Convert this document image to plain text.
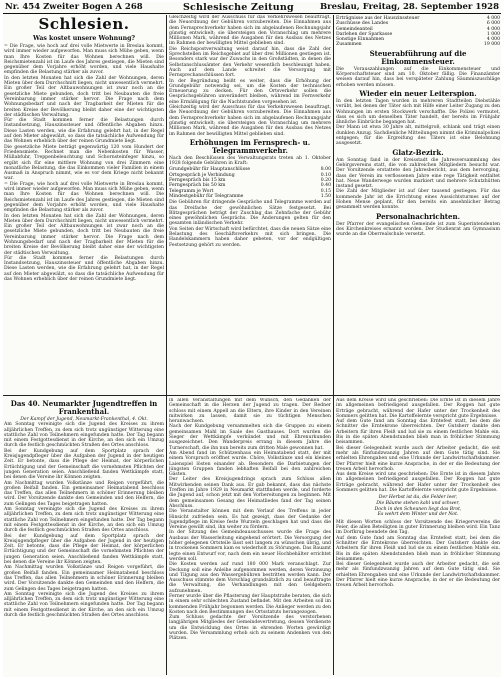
Nr. 454 Zweiter Bogen A 268	Schlesische Zeitung	Breslau, Freitag, 28. September 1928
Schlesien.
Was kostet unsere Wohnung?

= Die Frage, wie hoch auf drei volle Mietwerte in Breslau kommt, wird immer wieder aufgeworfen. Man muss sich Mühe geben, wenn man Ihre Kosten für das Wohnen berechnen will. Die Reichsmietenzahl ist im Laufe des Jahres gestiegen, die Mieten sind gegenüber dem Vorjahre erhöht worden, und viele Haushalte empfinden die Belastung stärker als zuvor.

In den letzten Monaten hat sich die Zahl der Wohnungen, deren Mieten über dem Durchschnitt liegen, nicht unwesentlich vermehrt. Ein großer Teil der Altbauwohnungen ist zwar noch an die gesetzliche Miete gebunden, doch tritt bei Neubauten die freie Vereinbarung immer stärker hervor. Die Frage nach dem Wohnungsbedarf und nach der Tragbarkeit der Mieten für die breiten Kreise der Bevölkerung bleibt daher eine der wichtigsten der städtischen Verwaltung.

Für die Stadt kommen ferner die Belastungen durch Instandsetzung, Hauszinssteuer und öffentliche Abgaben hinzu. Diese Lasten werden, wie die Erfahrung gelehrt hat, in der Regel auf den Mieter abgewälzt, so dass die tatsächliche Aufwendung für das Wohnen erheblich über der reinen Grundmiete liegt.

Die gesetzliche Miete beträgt gegenwärtig 120 vom Hundert der Friedensmiete. Rechnet man die Nebenkosten für Wasser, Müllabfuhr, Treppenbeleuchtung und Schornsteinfeger hinzu, so ergibt sich für eine mittlere Wohnung von drei Zimmern eine monatliche Belastung, die das Einkommen vieler Familien in einem Ausmaß in Anspruch nimmt, wie es vor dem Kriege nicht bekannt war.

= Die Frage, wie hoch auf drei volle Mietwerte in Breslau kommt, wird immer wieder aufgeworfen. Man muss sich Mühe geben, wenn man Ihre Kosten für das Wohnen berechnen will. Die Reichsmietenzahl ist im Laufe des Jahres gestiegen, die Mieten sind gegenüber dem Vorjahre erhöht worden, und viele Haushalte empfinden die Belastung stärker als zuvor.

In den letzten Monaten hat sich die Zahl der Wohnungen, deren Mieten über dem Durchschnitt liegen, nicht unwesentlich vermehrt. Ein großer Teil der Altbauwohnungen ist zwar noch an die gesetzliche Miete gebunden, doch tritt bei Neubauten die freie Vereinbarung immer stärker hervor. Die Frage nach dem Wohnungsbedarf und nach der Tragbarkeit der Mieten für die breiten Kreise der Bevölkerung bleibt daher eine der wichtigsten der städtischen Verwaltung.

Für die Stadt kommen ferner die Belastungen durch Instandsetzung, Hauszinssteuer und öffentliche Abgaben hinzu. Diese Lasten werden, wie die Erfahrung gelehrt hat, in der Regel auf den Mieter abgewälzt, so dass die tatsächliche Aufwendung für das Wohnen erheblich über der reinen Grundmiete liegt.

Gleichzeitig wird der Ausschuss für das Verkehrswesen beauftragt, die Neuordnung der Gebühren vorzubereiten. Die Einnahmen aus dem Fernsprechverkehr haben sich im abgelaufenen Rechnungsjahr günstig entwickelt; sie übersteigen den Voranschlag um mehrere Millionen Mark, während die Ausgaben für den Ausbau des Netzes im Rahmen der bewilligten Mittel geblieben sind.

Die Reichspostverwaltung weist darauf hin, dass die Zahl der Sprechstellen im Reichsgebiet auf über drei Millionen gestiegen ist. Besonders stark war der Zuwachs in den Großstädten, in denen die Selbstanschlussämter den Verkehr wesentlich beschleunigt haben. Auch auf dem Lande schreitet die Versorgung mit Fernsprechanschlüssen fort.

In der Begründung heißt es weiter, dass die Erhöhung der Grundgebühr notwendig sei, um die Kosten der technischen Erneuerung zu decken. Für den Ortsverkehr sollen die Gesprächsgebühren unverändert bleiben, während im Fernverkehr eine Ermäßigung für die Nachtstunden vorgesehen ist.

Gleichzeitig wird der Ausschuss für das Verkehrswesen beauftragt, die Neuordnung der Gebühren vorzubereiten. Die Einnahmen aus dem Fernsprechverkehr haben sich im abgelaufenen Rechnungsjahr günstig entwickelt; sie übersteigen den Voranschlag um mehrere Millionen Mark, während die Ausgaben für den Ausbau des Netzes im Rahmen der bewilligten Mittel geblieben sind.

Erhöhungen im Fernsprech- u. Telegrammverkehr.

Nach den Beschlüssen des Verwaltungsrats treten ab 1. Oktober 1928 folgende Gebühren in Kraft:

Grundgebühr für Hauptanschlüsse	8.00
Ortsgespräch je Verbindung	0.10
Ferngespräch bis 15 km	0.20
Ferngespräch bis 50 km	0.40
Telegramm je Wort	0.15
Mindestgebühr für Telegramme	1.50

Die Gebühren für dringende Gespräche und Telegramme werden auf das Dreifache der gewöhnlichen Sätze festgesetzt. Bei Blitzgesprächen beträgt der Zuschlag das Zehnfache der Gebühr eines gewöhnlichen Gesprächs. Die Änderungen gelten für den gesamten inländischen Verkehr.

Von Seiten der Wirtschaft wird befürchtet, dass die neuen Sätze eine Belastung des Geschäftsverkehrs mit sich bringen. Die Handelskammern haben daher gebeten, vor der endgültigen Festsetzung gehört zu werden.

Erträgnisse aus der Hauszinssteuer	4 000
Zuschüsse des Landes	6 000
Gemeindeanteil	4 000
Darlehen der Sparkasse	1 000
Sonstige Einnahmen	4 000
Zusammen	19 000
Steuerabführung auf die Einkommensteuer.

Die Vorauszahlungen auf die Einkommensteuer und Körperschaftsteuer sind am 10. Oktober fällig. Die Finanzämter weisen darauf hin, dass bei verspäteter Zahlung Säumniszuschläge erhoben werden müssen.

Wieder ein neuer Leiterspion.

In den letzten Tagen wurden in mehreren Stadtteilen Diebstähle verübt, bei denen der Täter sich mit Hilfe einer Leiter Zugang zu den Wohnungen im ersten Stockwerk verschaffte. Die Polizei vermutet, dass es sich um denselben Täter handelt, der bereits im Frühjahr ähnliche Einbrüche begangen hat.

Der Mann ist etwa 30 Jahre alt, mittelgroß, schlank und trägt einen dunklen Anzug. Sachdienliche Mitteilungen nimmt die Kriminalpolizei entgegen; für die Ergreifung des Täters ist eine Belohnung ausgesetzt.

Glatz-Bezirk.

Am Sonntag fand in der Kreisstadt die Jahresversammlung des Gebirgsvereins statt, die von zahlreichen Mitgliedern besucht war. Der Vorsitzende erstattete den Jahresbericht, aus dem hervorging, dass der Verein im verflossenen Jahre eine rege Tätigkeit entfaltet hat. Neue Wanderwege wurden markiert und mehrere Schutzhütten instand gesetzt.

Die Zahl der Mitglieder ist auf über tausend gestiegen. Für das kommende Jahr ist die Errichtung eines Aussichtsturmes auf der Hohen Mense geplant, für den bereits ein ansehnlicher Betrag gesammelt werden konnte.

Personalnachrichten.

Der Pfarrer der evangelischen Gemeinde ist zum Superintendenten des Kirchenkreises ernannt worden. Der Studienrat am Gymnasium wurde an die Oberrealschule versetzt.

Das 40. Neumarkter Jugendtreffen in Frankenthal.

Der Kampf der Jugend, Neumarkt-Frankenthal, 4. Okt.

Am Sonntag vereinigte sich die Jugend des Kreises zu ihrem alljährlichen Treffen, zu dem sich trotz ungünstiger Witterung eine stattliche Zahl von Teilnehmern eingefunden hatte. Der Tag begann mit einem Festgottesdienst in der Kirche, an den sich ein Umzug durch die festlich geschmückten Straßen des Ortes anschloss.

Bei der Kundgebung auf dem Sportplatz sprach der Kreisjugendpfleger über die Aufgaben der Jugend in der heutigen Zeit. Er betonte, dass die Pflege der Heimat, der körperlichen Ertüchtigung und der Gemeinschaft die vornehmsten Pflichten der jungen Generation seien. Anschließend fanden Wettkämpfe statt, bei denen die Vereine ihr Können zeigten.

Am Nachmittag wurden Volkstänze und Reigen vorgeführt, die großen Beifall fanden. Ein gemeinsamer Heimatabend beschloss das Treffen, das allen Teilnehmern in schöner Erinnerung bleiben wird. Der Vorsitzende dankte den Gemeinden und den Helfern, die zum Gelingen des Tages beigetragen hatten.

Am Sonntag vereinigte sich die Jugend des Kreises zu ihrem alljährlichen Treffen, zu dem sich trotz ungünstiger Witterung eine stattliche Zahl von Teilnehmern eingefunden hatte. Der Tag begann mit einem Festgottesdienst in der Kirche, an den sich ein Umzug durch die festlich geschmückten Straßen des Ortes anschloss.

Bei der Kundgebung auf dem Sportplatz sprach der Kreisjugendpfleger über die Aufgaben der Jugend in der heutigen Zeit. Er betonte, dass die Pflege der Heimat, der körperlichen Ertüchtigung und der Gemeinschaft die vornehmsten Pflichten der jungen Generation seien. Anschließend fanden Wettkämpfe statt, bei denen die Vereine ihr Können zeigten.

Am Nachmittag wurden Volkstänze und Reigen vorgeführt, die großen Beifall fanden. Ein gemeinsamer Heimatabend beschloss das Treffen, das allen Teilnehmern in schöner Erinnerung bleiben wird. Der Vorsitzende dankte den Gemeinden und den Helfern, die zum Gelingen des Tages beigetragen hatten.

Am Sonntag vereinigte sich die Jugend des Kreises zu ihrem alljährlichen Treffen, zu dem sich trotz ungünstiger Witterung eine stattliche Zahl von Teilnehmern eingefunden hatte. Der Tag begann mit einem Festgottesdienst in der Kirche, an den sich ein Umzug durch die festlich geschmückten Straßen des Ortes anschloss.

in allen Veranstaltungen mit dem Wunsch, den Gedanken der Gemeinschaft in die Herzen der Jugend zu tragen. Der Redner schloss mit einem Appell an die Eltern, ihre Kinder in den Vereinen mitwirken zu lassen, damit sie zu tüchtigen Menschen heranwachsen.

Nach der Kundgebung versammelten sich die Gruppen zu einem gemeinsamen Mahl im Saale des Gasthauses. Dort wurden die Sieger der Wettkämpfe verkündet und mit Ehrenurkunden ausgezeichnet. Den Wanderpreis errang in diesem Jahre die Turnerschaft, die ihn nun bereits zum dritten Male gewonnen hat.

Am Abend fand im Schützenhaus ein Heimatabend statt, der mit einem Vorspruch eröffnet wurde. Chöre, Volkstänze und ein kleines Laienspiel lösten einander ab. Besonders die Darbietungen der jüngsten Gruppen fanden lebhaften Beifall bei den zahlreichen Gästen.

Der Leiter des Kreisjugendrings sprach zum Schluss allen Mitwirkenden seinen Dank aus. Er gab bekannt, dass das nächste Treffen im Jahre 1929 in Neumarkt stattfinden werde, und forderte die Jugend auf, schon jetzt mit den Vorbereitungen zu beginnen. Mit dem gemeinsamen Gesang des Heimatliedes fand der Tag seinen Abschluss.

Die Veranstalter können mit dem Verlauf des Treffens in jeder Hinsicht zufrieden sein. Es hat gezeigt, dass der Gedanke der Jugendpflege im Kreise feste Wurzeln geschlagen hat und dass die Vereine gewillt sind, ihn weiter zu fördern.

In der Sitzung des Gemeindeausschusses wurde die Frage des Ausbaus der Wasserleitung eingehend erörtert. Die Versorgung der höher gelegenen Ortsteile lässt seit langem zu wünschen übrig, und in trockenen Sommern kam es wiederholt zu Störungen. Das Bauamt legte einen Entwurf vor, nach dem ein neuer Hochbehälter errichtet werden soll.

Die Kosten werden auf rund 180 000 Mark veranschlagt. Zur Deckung soll eine Anleihe aufgenommen werden, deren Verzinsung und Tilgung aus den Wassergebühren bestritten werden kann. Der Ausschuss stimmte dem Vorschlag grundsätzlich zu und beauftragte die Verwaltung, die Verhandlungen mit den Geldgebern aufzunehmen.

Ferner wurde über die Pflasterung der Hauptstraße beraten, die sich in einem sehr schlechten Zustand befindet. Mit den Arbeiten soll im kommenden Frühjahr begonnen werden. Die Anlieger werden zu den Kosten nach den Bestimmungen des Ortsstatuts herangezogen.

Zum Schluss gedachte der Vorsitzende des verstorbenen langjährigen Mitgliedes der Gemeindevertretung, dessen Verdienste um die Entwicklung des Ortes in ehrenden Worten gewürdigt wurden. Die Versammlung erhob sich zu seinem Andenken von den Plätzen.

Aus dem Kreise wird uns geschrieben: Die Ernte ist in diesem Jahre im allgemeinen befriedigend ausgefallen. Der Roggen hat gute Erträge gebracht, während der Hafer unter der Trockenheit des Sommers gelitten hat. Die Kartoffelernte verspricht gute Ergebnisse.

Auf dem Gute fand am Sonntag das Erntefest statt, bei dem die Schnitter die Erntekrone überreichten. Der Gutsherr dankte den Arbeitern für ihren Fleiß und lud sie zu einem festlichen Mahle ein. Bis in die späten Abendstunden blieb man in fröhlicher Stimmung beisammen.

Bei dieser Gelegenheit wurde auch der Arbeiter gedacht, die seit mehr als fünfundzwanzig Jahren auf dem Gute tätig sind. Sie erhielten Ehrengaben und eine Urkunde der Landwirtschaftskammer. Der Pfarrer hielt eine kurze Ansprache, in der er die Bedeutung der treuen Arbeit hervorhob.

Aus dem Kreise wird uns geschrieben: Die Ernte ist in diesem Jahre im allgemeinen befriedigend ausgefallen. Der Roggen hat gute Erträge gebracht, während der Hafer unter der Trockenheit des Sommers gelitten hat. Die Kartoffelernte verspricht gute Ergebnisse.

Der Herbst ist da, die Felder leer,
Die Bäume stehen kahl und schwer,
Doch in den Scheunen liegt das Brot,
Es wehrt dem Winter und der Not.

Mit diesen Worten schloss der Vorsitzende des Kriegervereins die Feier, die allen Beteiligten in guter Erinnerung bleiben wird. Ein Tanz im Dorfkrug beendete den Tag.

Auf dem Gute fand am Sonntag das Erntefest statt, bei dem die Schnitter die Erntekrone überreichten. Der Gutsherr dankte den Arbeitern für ihren Fleiß und lud sie zu einem festlichen Mahle ein. Bis in die späten Abendstunden blieb man in fröhlicher Stimmung beisammen.

Bei dieser Gelegenheit wurde auch der Arbeiter gedacht, die seit mehr als fünfundzwanzig Jahren auf dem Gute tätig sind. Sie erhielten Ehrengaben und eine Urkunde der Landwirtschaftskammer. Der Pfarrer hielt eine kurze Ansprache, in der er die Bedeutung der treuen Arbeit hervorhob.
